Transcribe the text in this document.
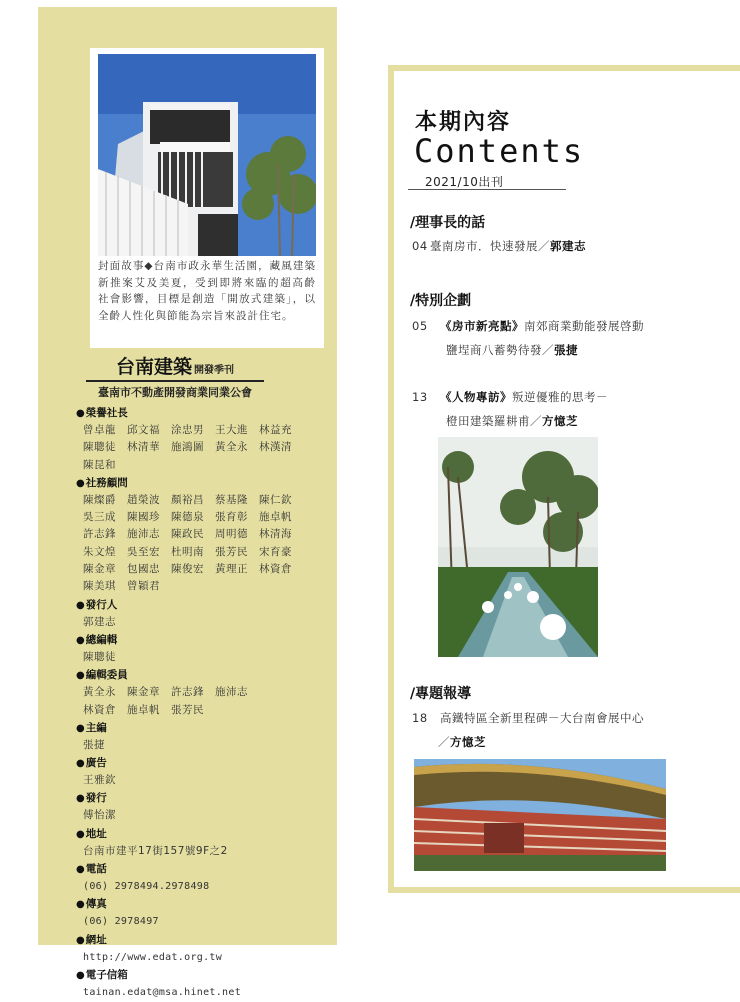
封面故事◆台南市政永華生活園，藏風建築新推案艾及美夏，受到即將來臨的超高齡社會影響，目標是創造「開放式建築」，以全齡人性化與節能為宗旨來設計住宅。
台南建築 開發季刊
臺南市不動產開發商業同業公會
● 榮譽社長
曾卓龍　邱文福　涂忠男　王大進　林益充
陳聰徒　林清華　施鴻圖　黃全永　林漢清
陳昆和
● 社務顧問
陳燦爵　趙榮波　顏裕昌　蔡基隆　陳仁欽
吳三成　陳國珍　陳德泉　張育彰　施卓帆
許志鋒　施沛志　陳政民　周明德　林清海
朱文煌　吳至宏　杜明南　張芳民　宋育豪
陳金章　包國忠　陳俊宏　黃理正　林資倉
陳美琪　曾穎君
● 發行人
郭建志
● 總編輯
陳聰徒
● 編輯委員
黃全永　陳金章　許志鋒　施沛志
林資倉　施卓帆　張芳民
● 主編
張捷
● 廣告
王雅欽
● 發行
傅怡潔
● 地址
台南市建平17街157號9F之2
● 電話
(06) 2978494.2978498
● 傳真
(06) 2978497
● 網址
http://www.edat.org.tw
● 電子信箱
tainan.edat@msa.hinet.net
本期內容
Contents
2021/10出刊
/理事長的話
04 臺南房市．快速發展／郭建志
/特別企劃
05 《房市新亮點》南郊商業動能發展啓動
鹽埕商八蓄勢待發／張捷
13 《人物專訪》叛逆優雅的思考－
橙田建築羅耕甫／方憶芝
/專題報導
18 高鐵特區全新里程碑－大台南會展中心
／方憶芝
